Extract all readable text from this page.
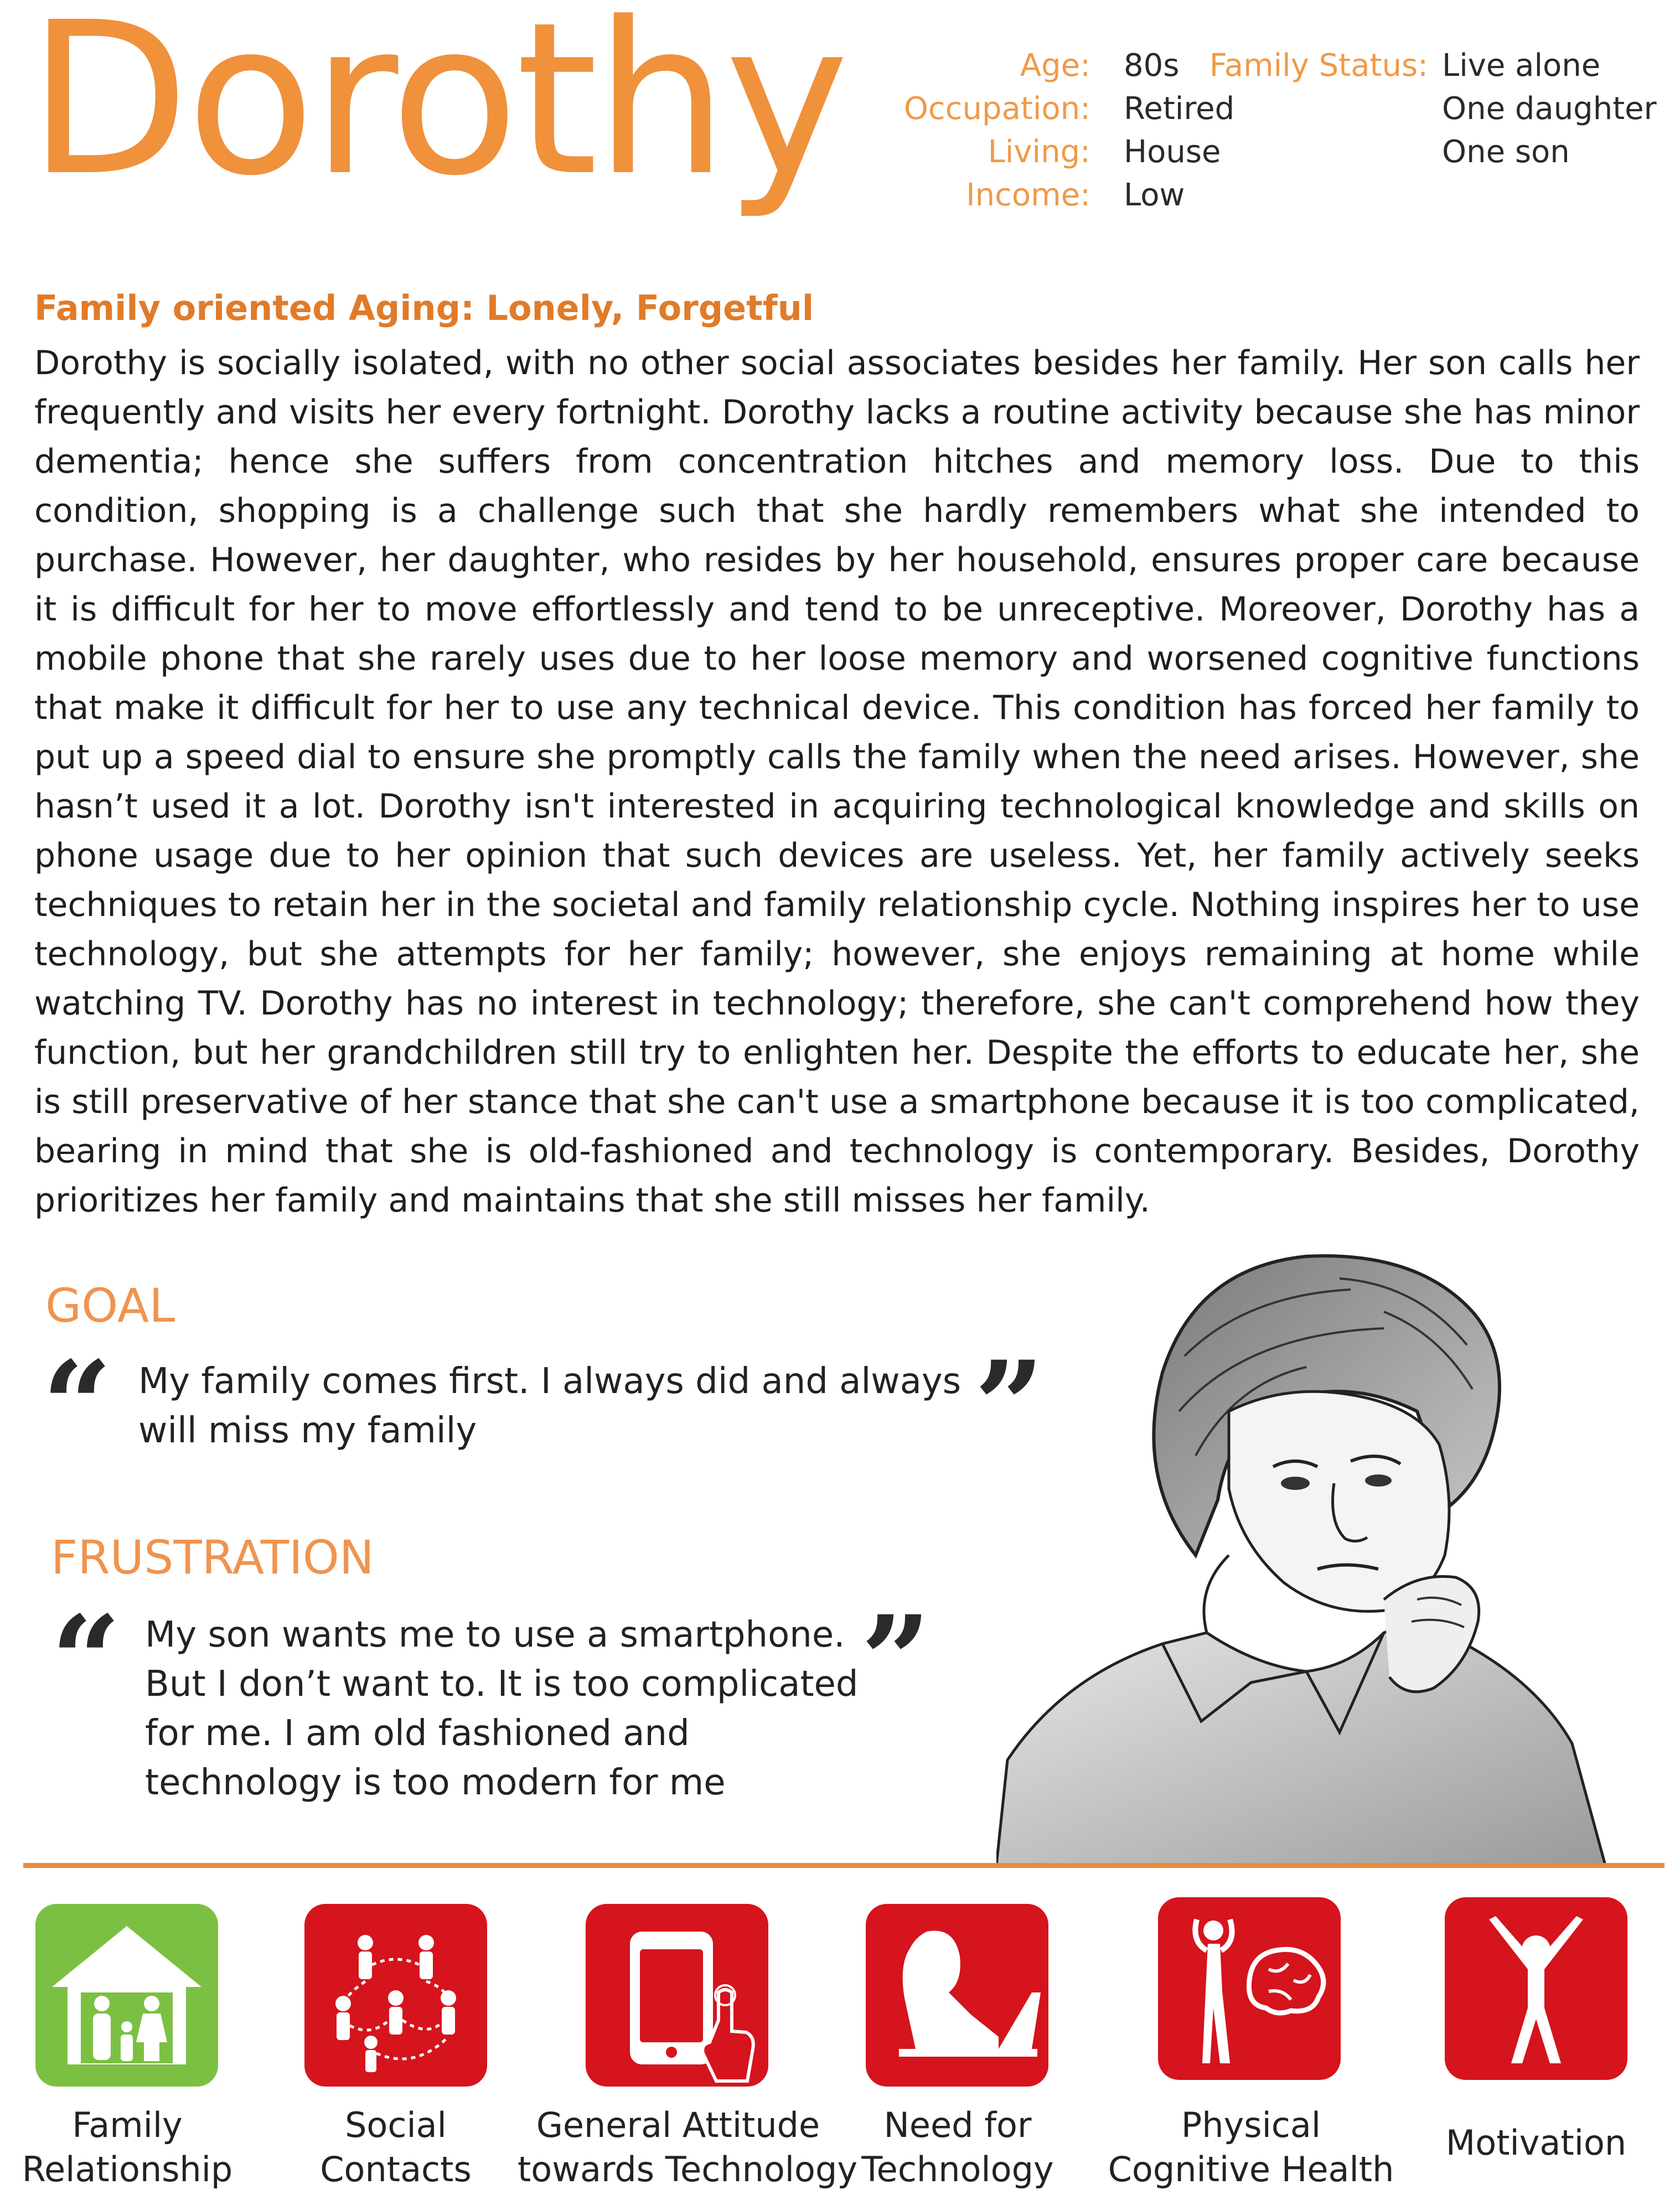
Dorothy	Age: 80s
Occupation: Retired
Living: House
Income: Low
Family Status: Live alone
One daughter
One son
Family oriented Aging: Lonely, Forgetful
Dorothy is socially isolated, with no other social associates besides her family. Her son calls her frequently and visits her every fortnight. Dorothy lacks a routine activity because she has minor dementia; hence she suffers from concentration hitches and memory loss. Due to this condition, shopping is a challenge such that she hardly remembers what she intended to purchase. However, her daughter, who resides by her household, ensures proper care because it is difficult for her to move effortlessly and tend to be unreceptive. Moreover, Dorothy has a mobile phone that she rarely uses due to her loose memory and worsened cognitive functions that make it difficult for her to use any technical device. This condition has forced her family to put up a speed dial to ensure she promptly calls the family when the need arises. However, she hasn’t used it a lot. Dorothy isn't interested in acquiring technological knowledge and skills on phone usage due to her opinion that such devices are useless. Yet, her family actively seeks techniques to retain her in the societal and family relationship cycle. Nothing inspires her to use technology, but she attempts for her family; however, she enjoys remaining at home while watching TV. Dorothy has no interest in technology; therefore, she can't comprehend how they function, but her grandchildren still try to enlighten her. Despite the efforts to educate her, she is still preservative of her stance that she can't use a smartphone because it is too complicated, bearing in mind that she is old-fashioned and technology is contemporary. Besides, Dorothy prioritizes her family and maintains that she still misses her family.
GOAL
“ My family comes first. I always did and always
will miss my family	”
FRUSTRATION
“ My son wants me to use a smartphone.
But I don’t want to. It is too complicated
for me. I am old fashioned and
technology is too modern for me
”
Family
Relationship
Social
Contacts
General Attitude
towards Technology
Need for
Technology
Physical
Cognitive Health
Motivation
